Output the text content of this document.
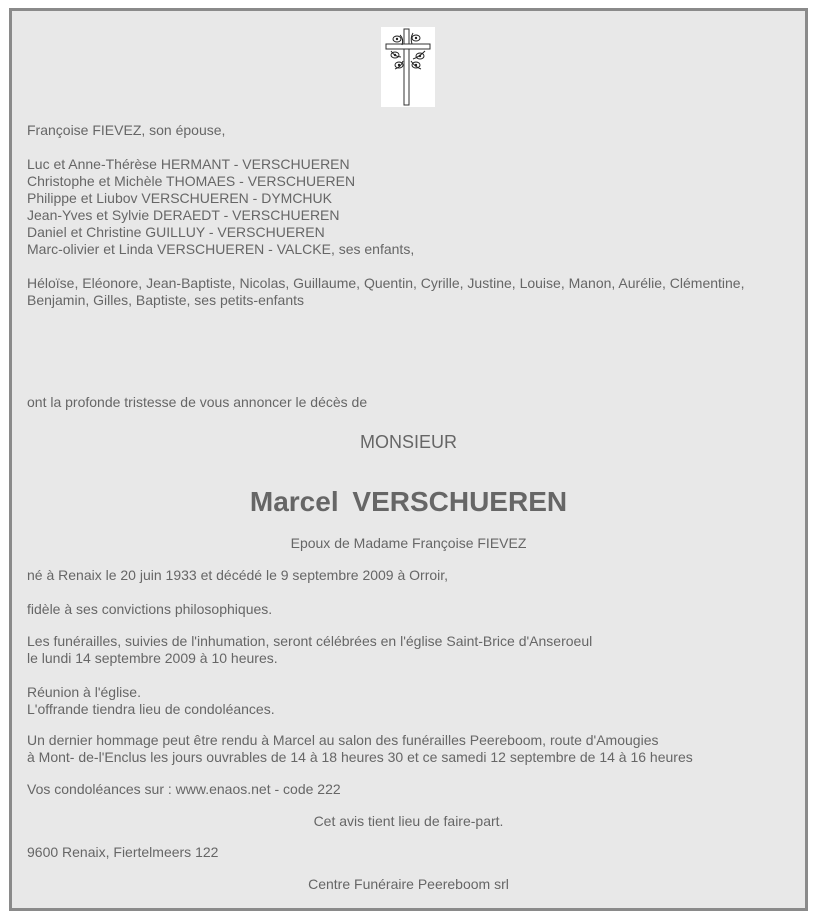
Françoise FIEVEZ, son épouse,
Luc et Anne-Thérèse HERMANT - VERSCHUEREN
Christophe et Michèle THOMAES - VERSCHUEREN
Philippe et Liubov VERSCHUEREN - DYMCHUK
Jean-Yves et Sylvie DERAEDT - VERSCHUEREN
Daniel et Christine GUILLUY - VERSCHUEREN
Marc-olivier et Linda VERSCHUEREN - VALCKE, ses enfants,
Héloïse, Eléonore, Jean-Baptiste, Nicolas, Guillaume, Quentin, Cyrille, Justine, Louise, Manon, Aurélie, Clémentine,
Benjamin, Gilles, Baptiste, ses petits-enfants
ont la profonde tristesse de vous annoncer le décès de
MONSIEUR
Marcel VERSCHUEREN
Epoux de Madame Françoise FIEVEZ
né à Renaix le 20 juin 1933 et décédé le 9 septembre 2009 à Orroir,
fidèle à ses convictions philosophiques.
Les funérailles, suivies de l'inhumation, seront célébrées en l'église Saint-Brice d'Anseroeul
le lundi 14 septembre 2009 à 10 heures.
Réunion à l'église.
L'offrande tiendra lieu de condoléances.
Un dernier hommage peut être rendu à Marcel au salon des funérailles Peereboom, route d'Amougies
à Mont- de-l'Enclus les jours ouvrables de 14 à 18 heures 30 et ce samedi 12 septembre de 14 à 16 heures
Vos condoléances sur : www.enaos.net - code 222
Cet avis tient lieu de faire-part.
9600 Renaix, Fiertelmeers 122
Centre Funéraire Peereboom srl
